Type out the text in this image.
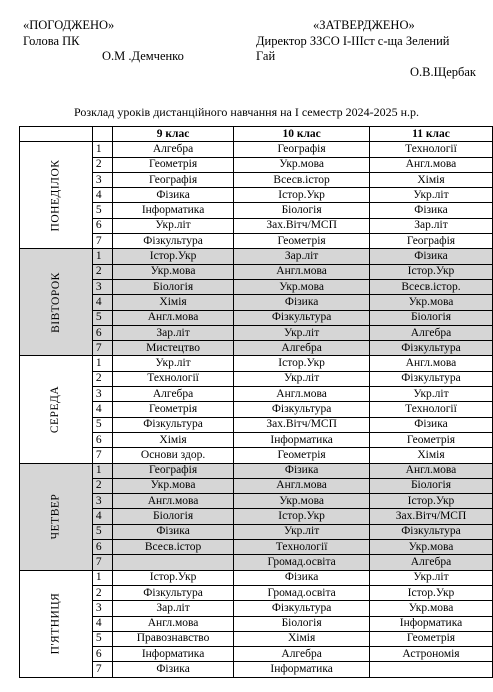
«ПОГОДЖЕНО»	«ЗАТВЕРДЖЕНО»
Голова ПК	Директор ЗЗСО І-ІІІст с-ща Зелений
О.М .Демченко	Гай
О.В.Щербак
Розклад уроків дистанційного навчання на І семестр 2024-2025 н.р.
		9 клас	10 клас	11 клас
ПОНЕДІЛОК	1	Алгебра	Географія	Технології
	2	Геометрія	Укр.мова	Англ.мова
	3	Географія	Всесв.істор	Хімія
	4	Фізика	Істор.Укр	Укр.літ
	5	Інформатика	Біологія	Фізика
	6	Укр.літ	Зах.Вітч/МСП	Зар.літ
	7	Фізкультура	Геометрія	Географія
ВІВТОРОК	1	Істор.Укр	Зар.літ	Фізика
	2	Укр.мова	Англ.мова	Істор.Укр
	3	Біологія	Укр.мова	Всесв.істор.
	4	Хімія	Фізика	Укр.мова
	5	Англ.мова	Фізкультура	Біологія
	6	Зар.літ	Укр.літ	Алгебра
	7	Мистецтво	Алгебра	Фізкультура
СЕРЕДА	1	Укр.літ	Істор.Укр	Англ.мова
	2	Технології	Укр.літ	Фізкультура
	3	Алгебра	Англ.мова	Укр.літ
	4	Геометрія	Фізкультура	Технології
	5	Фізкультура	Зах.Вітч/МСП	Фізика
	6	Хімія	Інформатика	Геометрія
	7	Основи здор.	Геометрія	Хімія
ЧЕТВЕР	1	Географія	Фізика	Англ.мова
	2	Укр.мова	Англ.мова	Біологія
	3	Англ.мова	Укр.мова	Істор.Укр
	4	Біологія	Істор.Укр	Зах.Вітч/МСП
	5	Фізика	Укр.літ	Фізкультура
	6	Всесв.істор	Технології	Укр.мова
	7		Громад.освіта	Алгебра
П'ЯТНИЦЯ	1	Істор.Укр	Фізика	Укр.літ
	2	Фізкультура	Громад.освіта	Істор.Укр
	3	Зар.літ	Фізкультура	Укр.мова
	4	Англ.мова	Біологія	Інформатика
	5	Правознавство	Хімія	Геометрія
	6	Інформатика	Алгебра	Астрономія
	7	Фізика	Інформатика	
